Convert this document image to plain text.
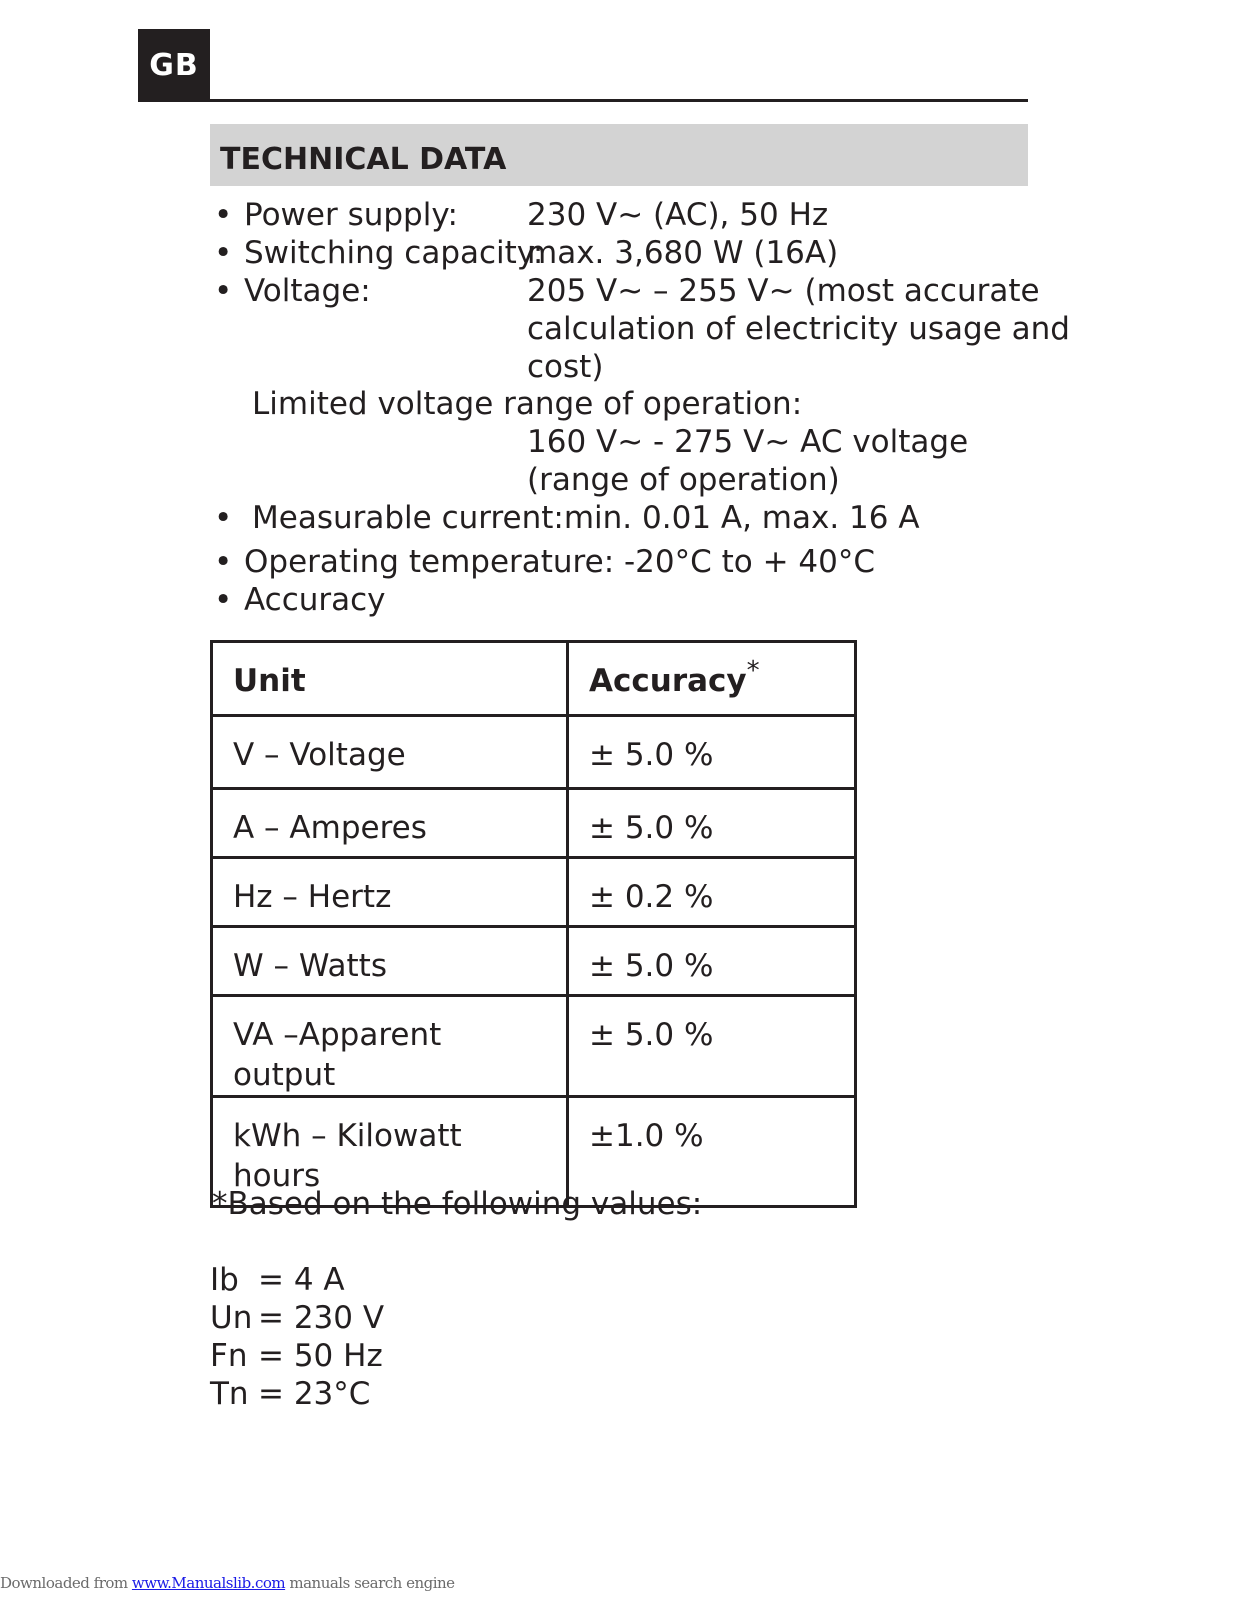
GB
TECHNICAL DATA
• Power supply: 230 V~ (AC), 50 Hz
• Switching capacity:
max. 3,680 W (16A)
• Voltage:	205 V~ – 255 V~ (most accurate
calculation of electricity usage and
cost)
Limited voltage range of operation:
160 V~ - 275 V~ AC voltage
(range of operation)
• Measurable current:min. 0.01 A, max. 16 A
• Operating temperature: -20°C to + 40°C
• Accuracy
Unit	Accuracy*
V – Voltage	± 5.0 %
A – Amperes	± 5.0 %
Hz – Hertz	± 0.2 %
W – Watts	± 5.0 %
VA –Apparent output	± 5.0 %
kWh – Kilowatt
hours	±1.0 %
*Based on the following values:
Ib = 4 A
Un = 230 V
Fn = 50 Hz
Tn = 23°C
Downloaded from www.Manualslib.com manuals search engine
